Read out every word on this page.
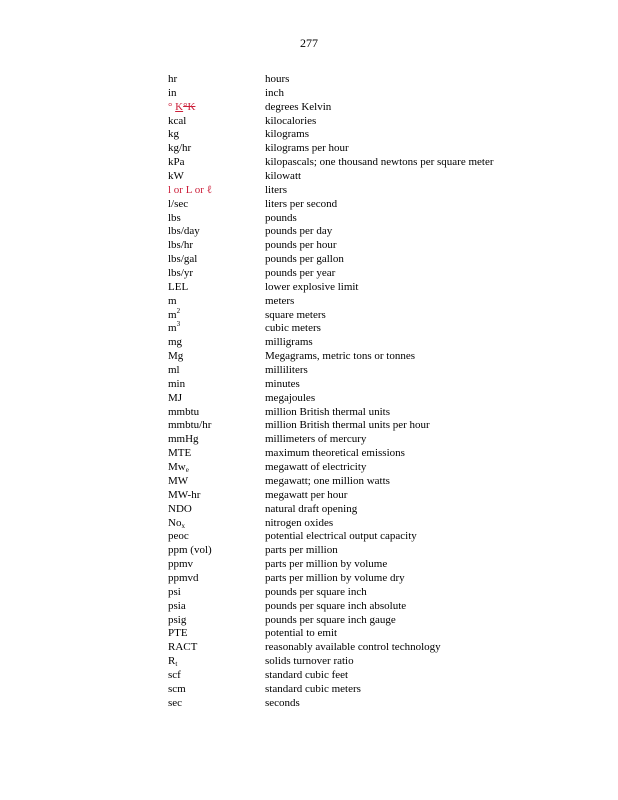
277
hr	hours
in	inch
° K°K	degrees Kelvin
kcal	kilocalories
kg	kilograms
kg/hr	kilograms per hour
kPa	kilopascals; one thousand newtons per square meter
kW	kilowatt
l or L or ℓ	liters
l/sec	liters per second
lbs	pounds
lbs/day	pounds per day
lbs/hr	pounds per hour
lbs/gal	pounds per gallon
lbs/yr	pounds per year
LEL	lower explosive limit
m	meters
$m^2$	square meters
$m^3$	cubic meters
mg	milligrams
Mg	Megagrams, metric tons or tonnes
ml	milliliters
min	minutes
MJ	megajoules
mmbtu	million British thermal units
mmbtu/hr	million British thermal units per hour
mmHg	millimeters of mercury
MTE	maximum theoretical emissions
$Mw_e$	megawatt of electricity
MW	megawatt; one million watts
MW-hr	megawatt per hour
NDO	natural draft opening
$No_x$	nitrogen oxides
peoc	potential electrical output capacity
ppm (vol)	parts per million
ppmv	parts per million by volume
ppmvd	parts per million by volume dry
psi	pounds per square inch
psia	pounds per square inch absolute
psig	pounds per square inch gauge
PTE	potential to emit
RACT	reasonably available control technology
$R_t$	solids turnover ratio
scf	standard cubic feet
scm	standard cubic meters
sec	seconds
